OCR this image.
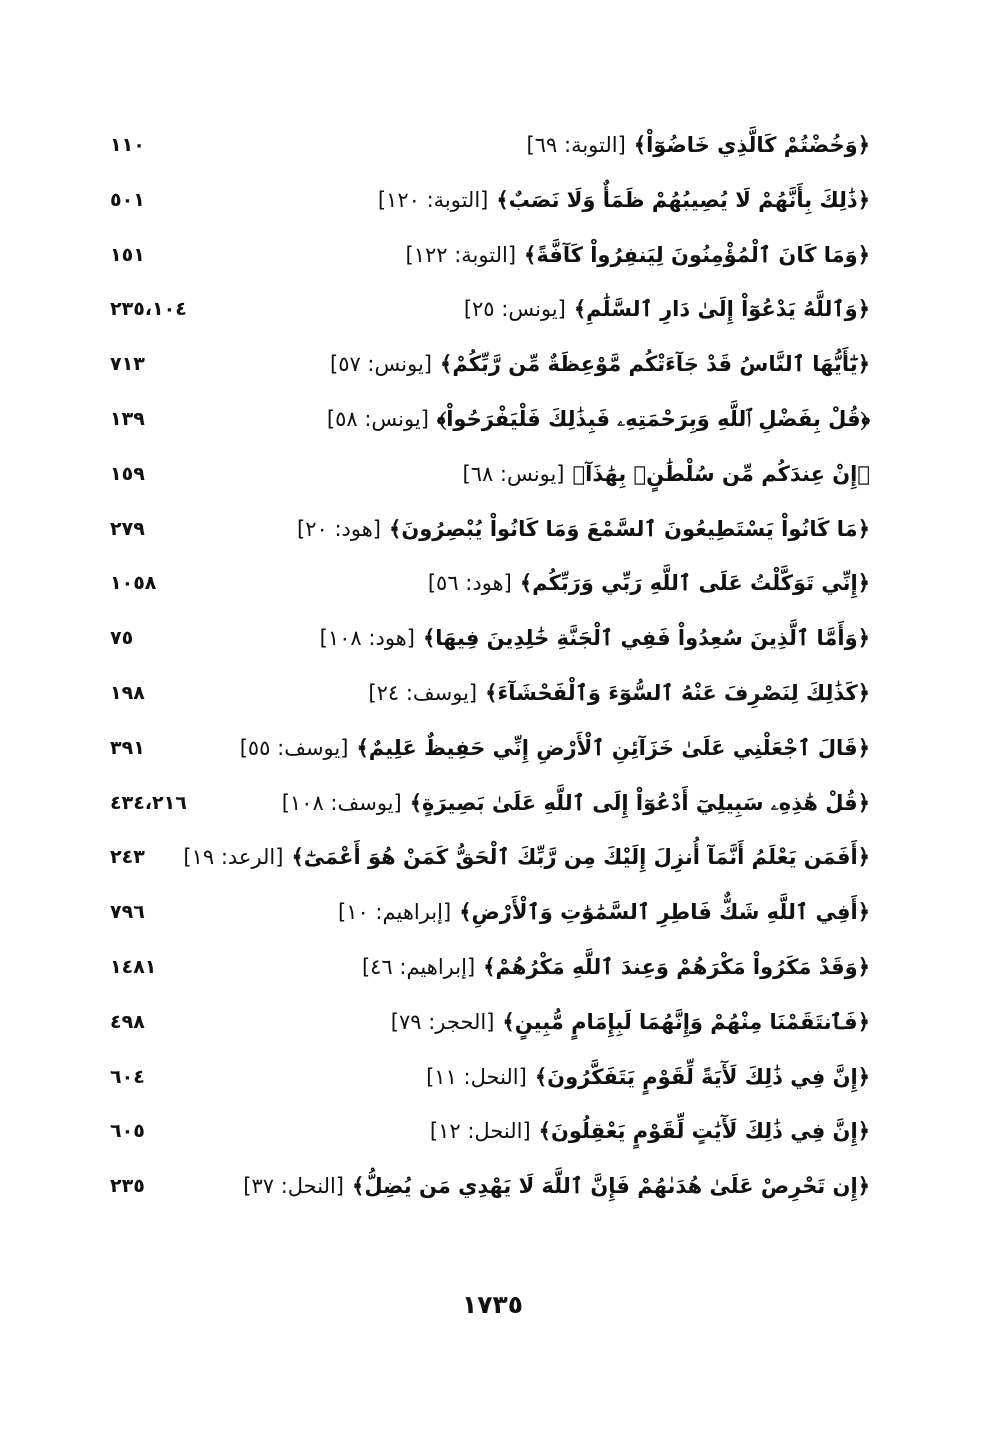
﴿وَخُضْتُمْ كَالَّذِي خَاضُوٓاْ﴾[التوبة: ٦٩]
١١٠
﴿ذَٰلِكَ بِأَنَّهُمْ لَا يُصِيبُهُمْ ظَمَأٌ وَلَا نَصَبٌ﴾[التوبة: ١٢٠]
٥٠١
﴿وَمَا كَانَ ٱلْمُؤْمِنُونَ لِيَنفِرُواْ كَآفَّةً﴾[التوبة: ١٢٢]
١٥١
﴿وَٱللَّهُ يَدْعُوٓاْ إِلَىٰ دَارِ ٱلسَّلَٰمِ﴾[يونس: ٢٥]
٢٣٥،١٠٤
﴿يَٰٓأَيُّهَا ٱلنَّاسُ قَدْ جَآءَتْكُم مَّوْعِظَةٌ مِّن رَّبِّكُمْ﴾[يونس: ٥٧]
٧١٣
﴿قُلْ بِفَضْلِ ٱللَّهِ وَبِرَحْمَتِهِۦ فَبِذَٰلِكَ فَلْيَفْرَحُواْ﴾[يونس: ٥٨]
١٣٩
﴿إِنْ عِندَكُم مِّن سُلْطَٰنٍۭ بِهَٰذَآ﴾[يونس: ٦٨]
١٥٩
﴿مَا كَانُواْ يَسْتَطِيعُونَ ٱلسَّمْعَ وَمَا كَانُواْ يُبْصِرُونَ﴾[هود: ٢٠]
٢٧٩
﴿إِنِّي تَوَكَّلْتُ عَلَى ٱللَّهِ رَبِّي وَرَبِّكُم﴾[هود: ٥٦]
١٠٥٨
﴿وَأَمَّا ٱلَّذِينَ سُعِدُواْ فَفِي ٱلْجَنَّةِ خَٰلِدِينَ فِيهَا﴾[هود: ١٠٨]
٧٥
﴿كَذَٰلِكَ لِنَصْرِفَ عَنْهُ ٱلسُّوٓءَ وَٱلْفَحْشَآءَ﴾[يوسف: ٢٤]
١٩٨
﴿قَالَ ٱجْعَلْنِي عَلَىٰ خَزَآئِنِ ٱلْأَرْضِ إِنِّي حَفِيظٌ عَلِيمٌ﴾[يوسف: ٥٥]
٣٩١
﴿قُلْ هَٰذِهِۦ سَبِيلِيٓ أَدْعُوٓاْ إِلَى ٱللَّهِ عَلَىٰ بَصِيرَةٍ﴾[يوسف: ١٠٨]
٤٣٤،٢١٦
﴿أَفَمَن يَعْلَمُ أَنَّمَآ أُنزِلَ إِلَيْكَ مِن رَّبِّكَ ٱلْحَقُّ كَمَنْ هُوَ أَعْمَىٰٓ﴾[الرعد: ١٩]
٢٤٣
﴿أَفِي ٱللَّهِ شَكٌّ فَاطِرِ ٱلسَّمَٰوَٰتِ وَٱلْأَرْضِ﴾[إبراهيم: ١٠]
٧٩٦
﴿وَقَدْ مَكَرُواْ مَكْرَهُمْ وَعِندَ ٱللَّهِ مَكْرُهُمْ﴾[إبراهيم: ٤٦]
١٤٨١
﴿فَٱنتَقَمْنَا مِنْهُمْ وَإِنَّهُمَا لَبِإِمَامٍ مُّبِينٍ﴾[الحجر: ٧٩]
٤٩٨
﴿إِنَّ فِي ذَٰلِكَ لَأٓيَةً لِّقَوْمٍ يَتَفَكَّرُونَ﴾[النحل: ١١]
٦٠٤
﴿إِنَّ فِي ذَٰلِكَ لَأٓيَٰتٍ لِّقَوْمٍ يَعْقِلُونَ﴾[النحل: ١٢]
٦٠٥
﴿إِن تَحْرِصْ عَلَىٰ هُدَىٰهُمْ فَإِنَّ ٱللَّهَ لَا يَهْدِي مَن يُضِلُّ﴾[النحل: ٣٧]
٢٣٥
١٧٣٥
